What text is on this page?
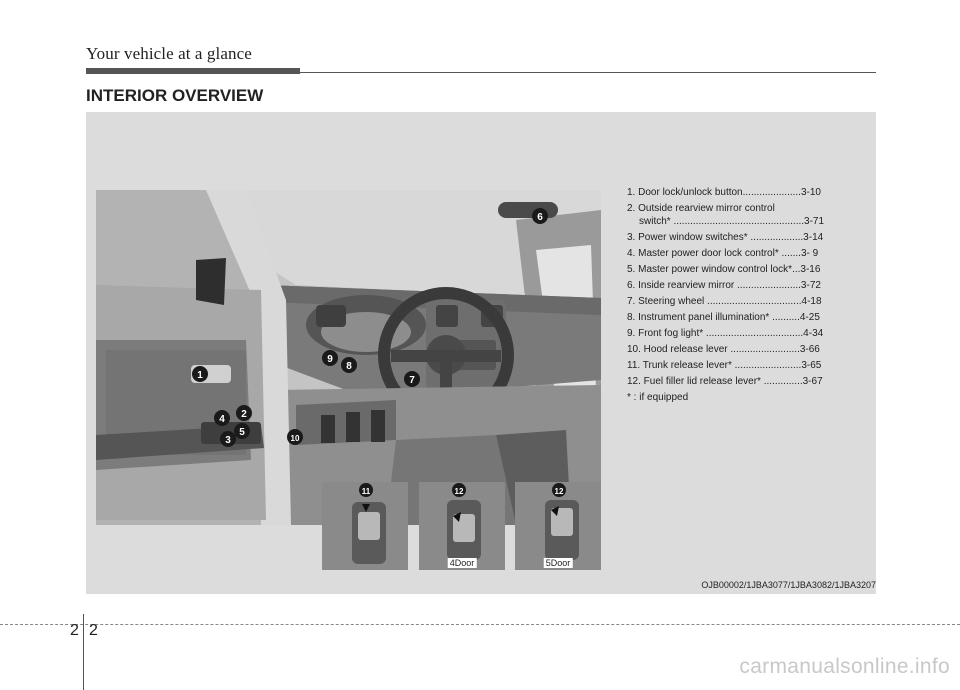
Your vehicle at a glance
INTERIOR OVERVIEW
1
2
3
4
5
6
7
8
9
10
11	12
4Door
12
5Door
1. Door lock/unlock button.....................3-10
2. Outside rearview mirror control
switch* ...............................................3-71
3. Power window switches* ...................3-14
4. Master power door lock control* .......3- 9
5. Master power window control lock*...3-16
6. Inside rearview mirror .......................3-72
7. Steering wheel ..................................4-18
8. Instrument panel illumination* ..........4-25
9. Front fog light* ...................................4-34
10. Hood release lever .........................3-66
11. Trunk release lever* ........................3-65
12. Fuel filler lid release lever* ..............3-67
* : if equipped
OJB00002/1JBA3077/1JBA3082/1JBA3207
2 2
carmanualsonline.info
